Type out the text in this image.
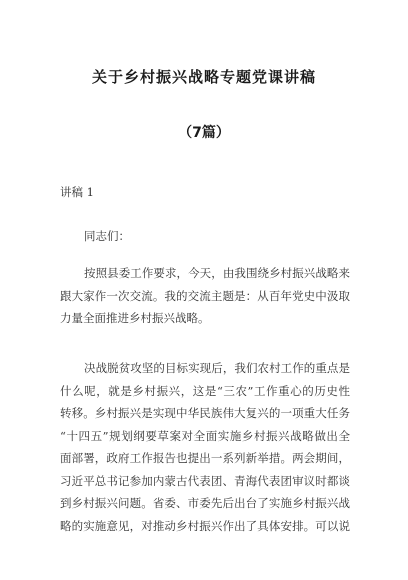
关于乡村振兴战略专题党课讲稿
（7篇）
讲稿 1
同志们：
按照县委工作要求，今天，由我围绕乡村振兴战略来
跟大家作一次交流。我的交流主题是：从百年党史中汲取
力量全面推进乡村振兴战略。
决战脱贫攻坚的目标实现后，我们农村工作的重点是
什么呢，就是乡村振兴，这是“三农”工作重心的历史性
转移。乡村振兴是实现中华民族伟大复兴的一项重大任务
“十四五”规划纲要草案对全面实施乡村振兴战略做出全
面部署，政府工作报告也提出一系列新举措。两会期间，
习近平总书记参加内蒙古代表团、青海代表团审议时都谈
到乡村振兴问题。省委、市委先后出台了实施乡村振兴战
略的实施意见，对推动乡村振兴作出了具体安排。可以说
